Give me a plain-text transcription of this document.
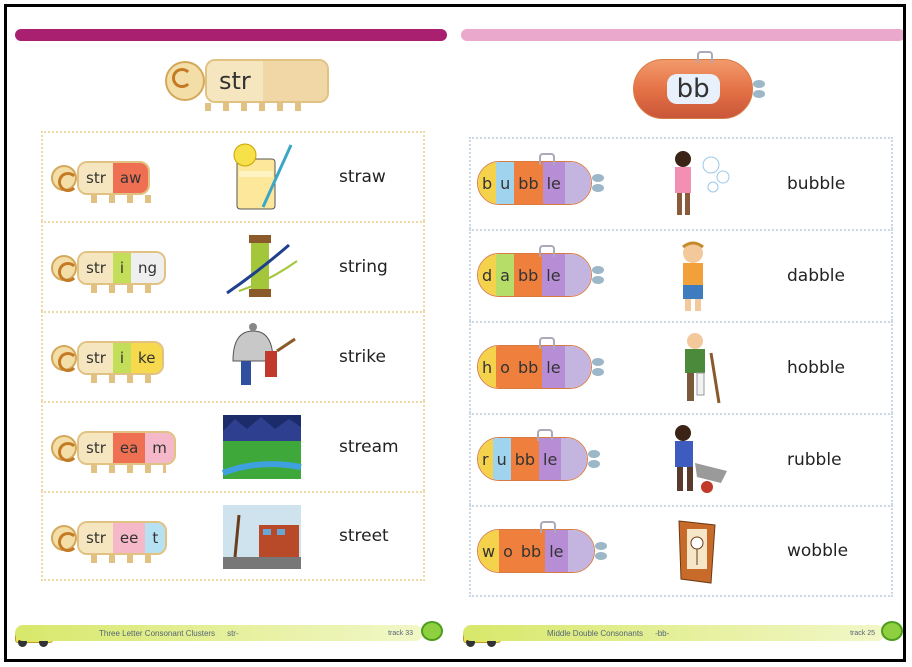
str
str aw	straw
str i ng	string
str i ke	strike
str ea m	stream
str ee t	street
Three Letter Consonant Clusters str-	track 33
bb
b u bb le	bubble
d a bb le	dabble
h o bb le	hobble
r u bb le	rubble
w o bb le	wobble
Middle Double Consonants -bb-	track 25
